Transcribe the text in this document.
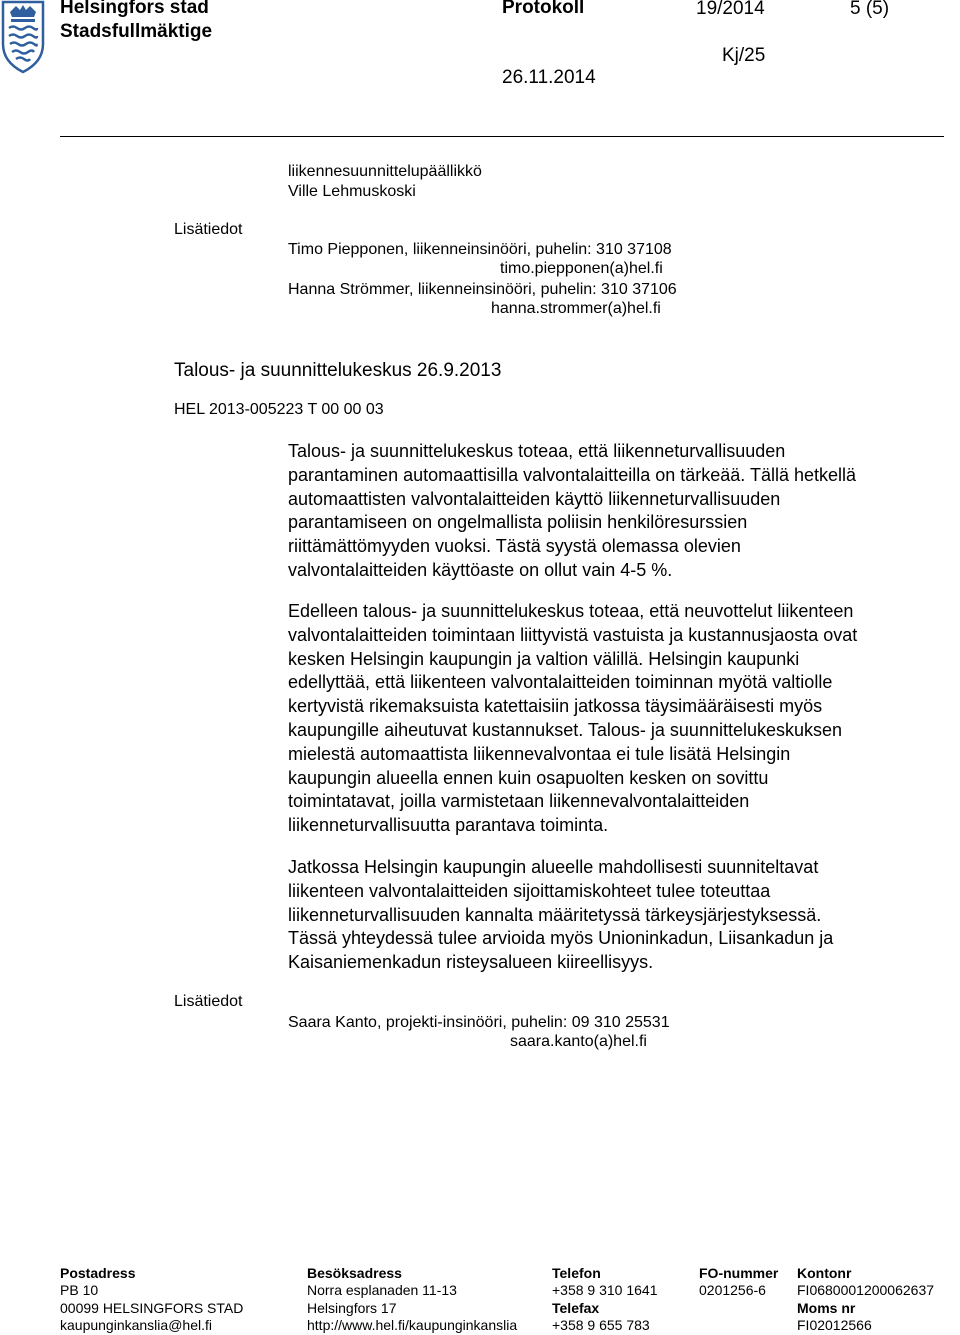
Helsingfors stad
Stadsfullmäktige
Protokoll	19/2014	5 (5)
Kj/25
26.11.2014
liikennesuunnittelupäällikkö
Ville Lehmuskoski
Lisätiedot
Timo Piepponen, liikenneinsinööri, puhelin: 310 37108
timo.piepponen(a)hel.fi
Hanna Strömmer, liikenneinsinööri, puhelin: 310 37106
hanna.strommer(a)hel.fi
Talous- ja suunnittelukeskus 26.9.2013
HEL 2013-005223 T 00 00 03
Talous- ja suunnittelukeskus toteaa, että liikenneturvallisuuden
parantaminen automaattisilla valvontalaitteilla on tärkeää. Tällä hetkellä
automaattisten valvontalaitteiden käyttö liikenneturvallisuuden
parantamiseen on ongelmallista poliisin henkilöresurssien
riittämättömyyden vuoksi. Tästä syystä olemassa olevien
valvontalaitteiden käyttöaste on ollut vain 4-5 %.
Edelleen talous- ja suunnittelukeskus toteaa, että neuvottelut liikenteen
valvontalaitteiden toimintaan liittyvistä vastuista ja kustannusjaosta ovat
kesken Helsingin kaupungin ja valtion välillä. Helsingin kaupunki
edellyttää, että liikenteen valvontalaitteiden toiminnan myötä valtiolle
kertyvistä rikemaksuista katettaisiin jatkossa täysimääräisesti myös
kaupungille aiheutuvat kustannukset. Talous- ja suunnittelukeskuksen
mielestä automaattista liikennevalvontaa ei tule lisätä Helsingin
kaupungin alueella ennen kuin osapuolten kesken on sovittu
toimintatavat, joilla varmistetaan liikennevalvontalaitteiden
liikenneturvallisuutta parantava toiminta.
Jatkossa Helsingin kaupungin alueelle mahdollisesti suunniteltavat
liikenteen valvontalaitteiden sijoittamiskohteet tulee toteuttaa
liikenneturvallisuuden kannalta määritetyssä tärkeysjärjestyksessä.
Tässä yhteydessä tulee arvioida myös Unioninkadun, Liisankadun ja
Kaisaniemenkadun risteysalueen kiireellisyys.
Lisätiedot
Saara Kanto, projekti-insinööri, puhelin: 09 310 25531
saara.kanto(a)hel.fi
Postadress
PB 10
00099 HELSINGFORS STAD
kaupunginkanslia@hel.fi
Besöksadress
Norra esplanaden 11-13
Helsingfors 17
http://www.hel.fi/kaupunginkanslia
Telefon
+358 9 310 1641
Telefax
+358 9 655 783
FO-nummer
0201256-6
Kontonr
FI0680001200062637
Moms nr
FI02012566
